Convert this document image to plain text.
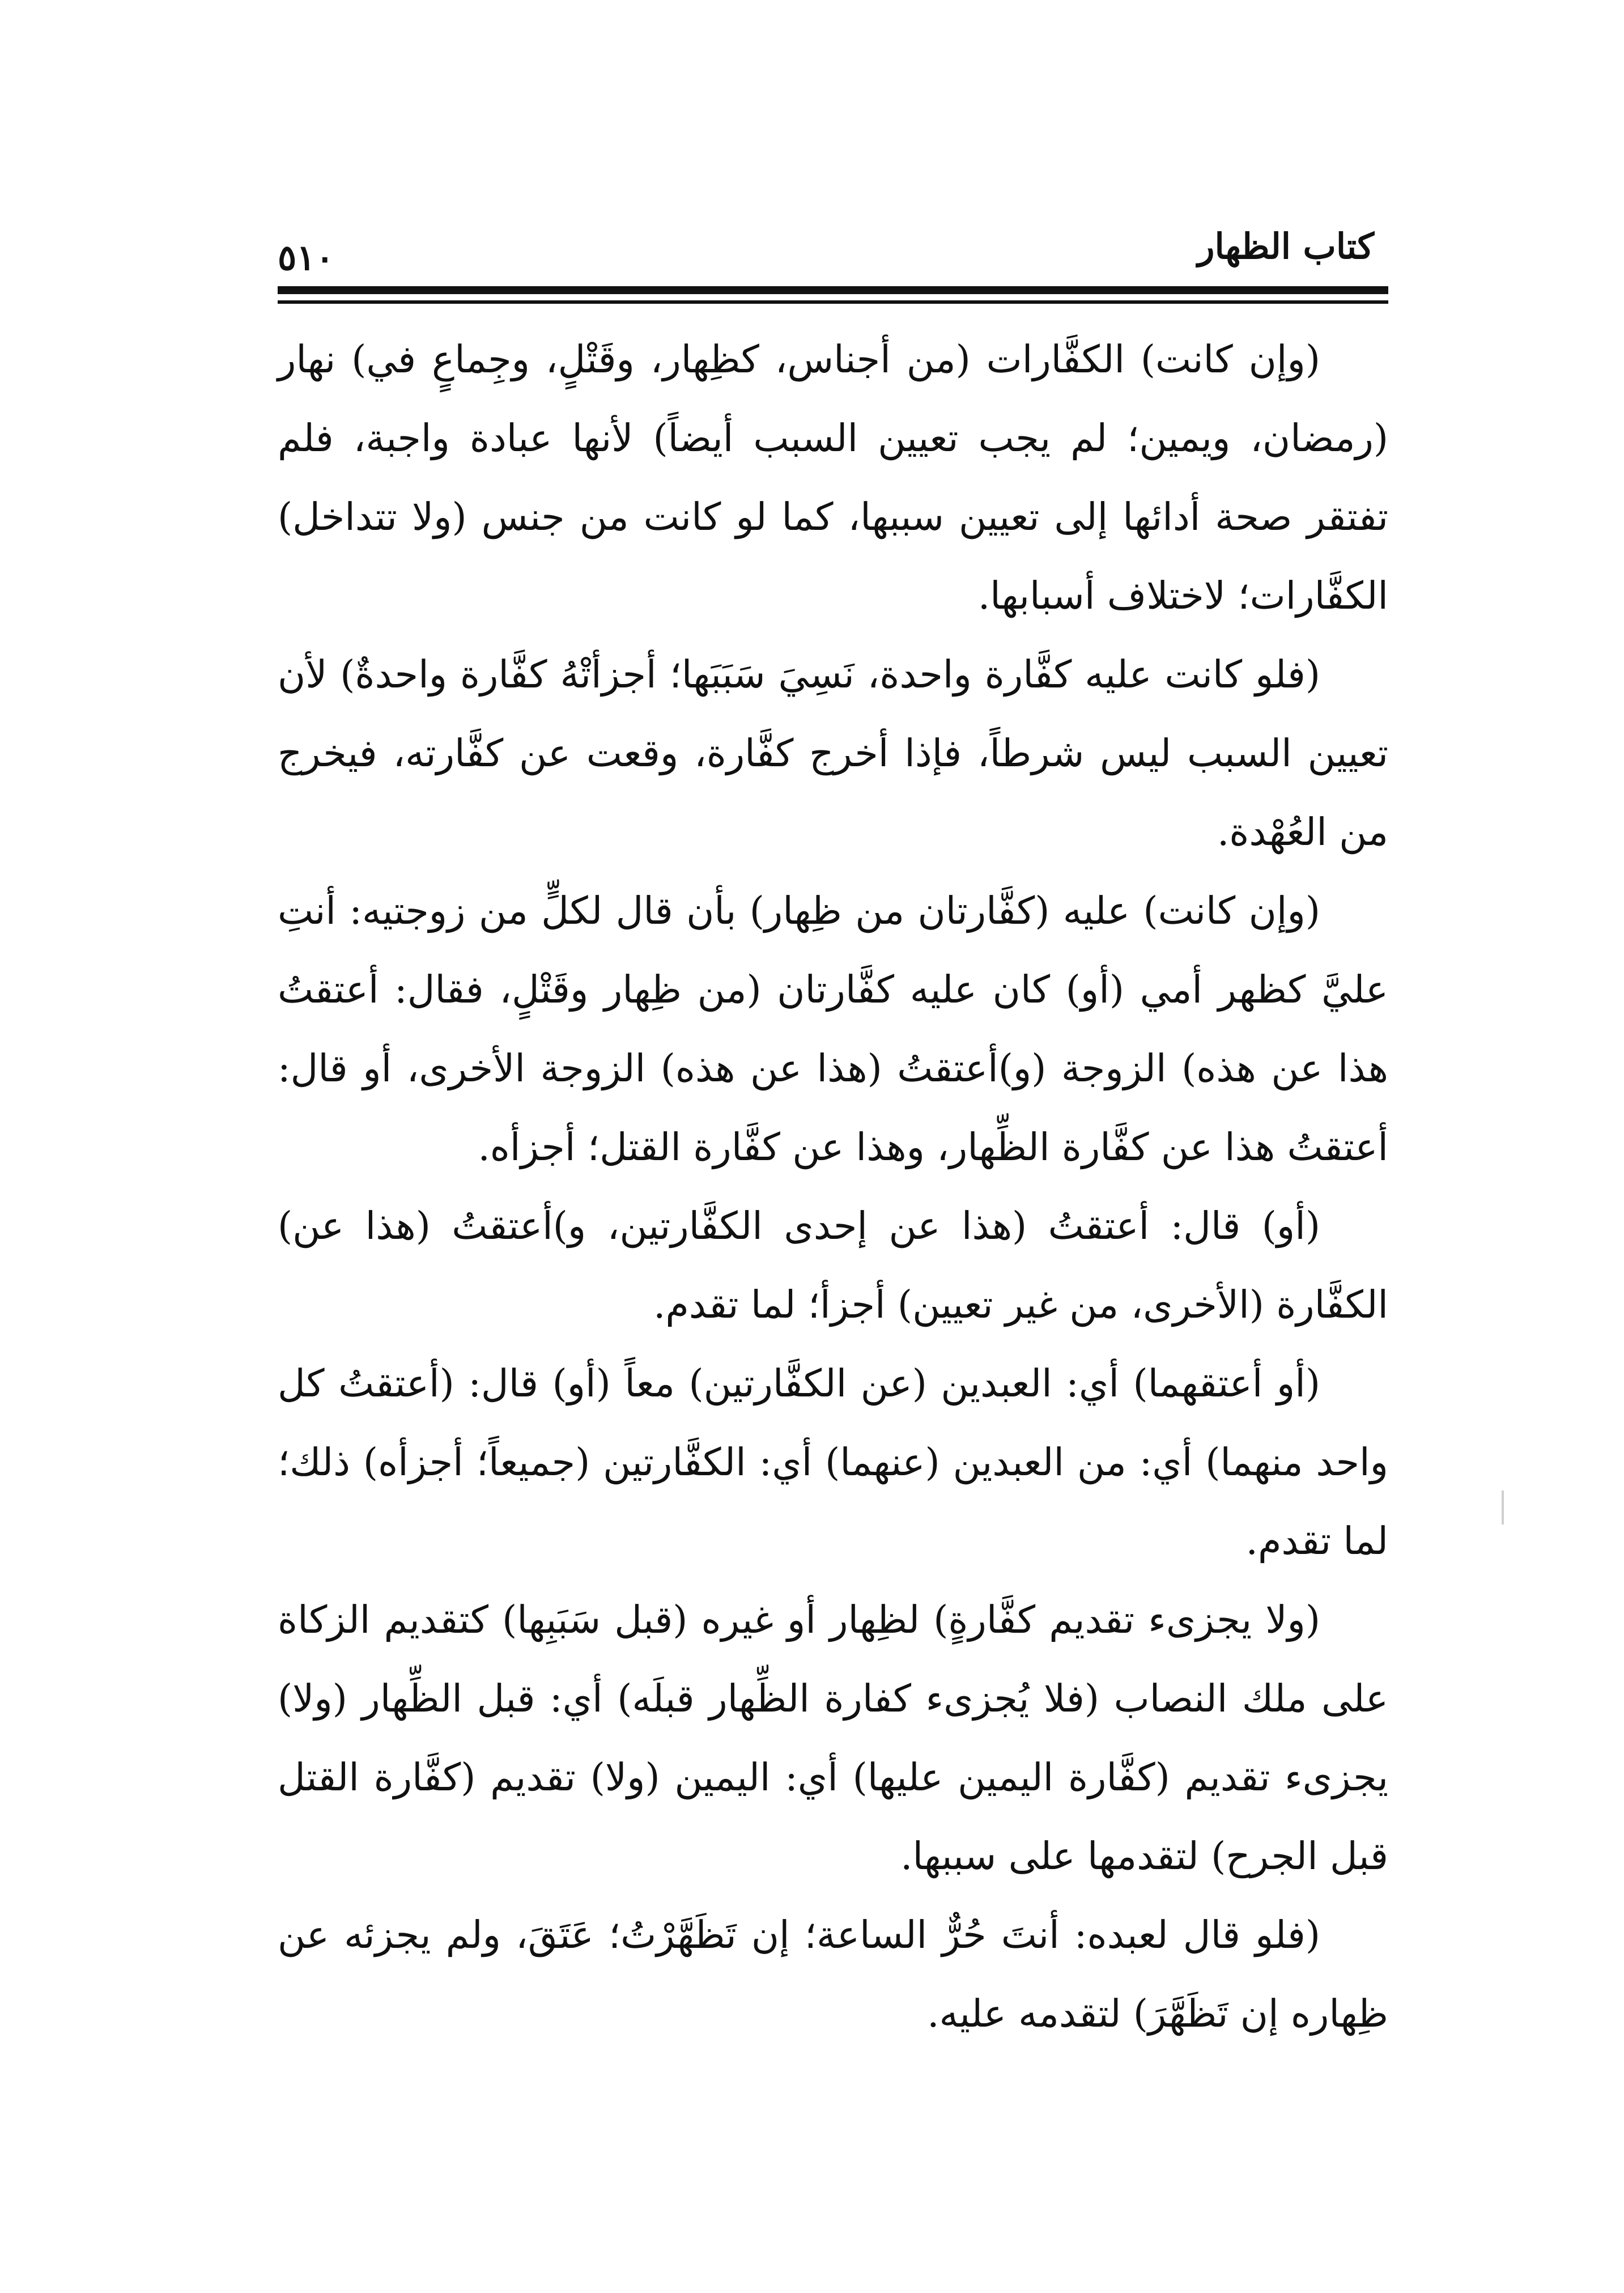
كتاب الظهار
٥١٠

(وإن كانت) الكفَّارات (من أجناس، كظِهار، وقَتْلٍ، وجِماعٍ في) نهار (رمضان، ويمين؛ لم يجب تعيين السبب أيضاً) لأنها عبادة واجبة، فلم تفتقر صحة أدائها إلى تعيين سببها، كما لو كانت من جنس (ولا تتداخل) الكفَّارات؛ لاختلاف أسبابها.

(فلو كانت عليه كفَّارة واحدة، نَسِيَ سَبَبَها؛ أجزأتْهُ كفَّارة واحدةٌ) لأن تعيين السبب ليس شرطاً، فإذا أخرج كفَّارة، وقعت عن كفَّارته، فيخرج من العُهْدة.

(وإن كانت) عليه (كفَّارتان من ظِهار) بأن قال لكلٍّ من زوجتيه: أنتِ عليَّ كظهر أمي (أو) كان عليه كفَّارتان (من ظِهار وقَتْلٍ، فقال: أعتقتُ هذا عن هذه) الزوجة (و)أعتقتُ (هذا عن هذه) الزوجة الأخرى، أو قال: أعتقتُ هذا عن كفَّارة الظِّهار، وهذا عن كفَّارة القتل؛ أجزأه.

(أو) قال: أعتقتُ (هذا عن إحدى الكفَّارتين، و)أعتقتُ (هذا عن) الكفَّارة (الأخرى، من غير تعيين) أجزأ؛ لما تقدم.

(أو أعتقهما) أي: العبدين (عن الكفَّارتين) معاً (أو) قال: (أعتقتُ كل واحد منهما) أي: من العبدين (عنهما) أي: الكفَّارتين (جميعاً؛ أجزأه) ذلك؛ لما تقدم.

(ولا يجزىء تقديم كفَّارةٍ) لظِهار أو غيره (قبل سَبَبِها) كتقديم الزكاة على ملك النصاب (فلا يُجزىء كفارة الظِّهار قبلَه) أي: قبل الظِّهار (ولا) يجزىء تقديم (كفَّارة اليمين عليها) أي: اليمين (ولا) تقديم (كفَّارة القتل قبل الجرح) لتقدمها على سببها.

(فلو قال لعبده: أنتَ حُرٌّ الساعة؛ إن تَظَهَّرْتُ؛ عَتَقَ، ولم يجزئه عن ظِهاره إن تَظَهَّرَ) لتقدمه عليه.
